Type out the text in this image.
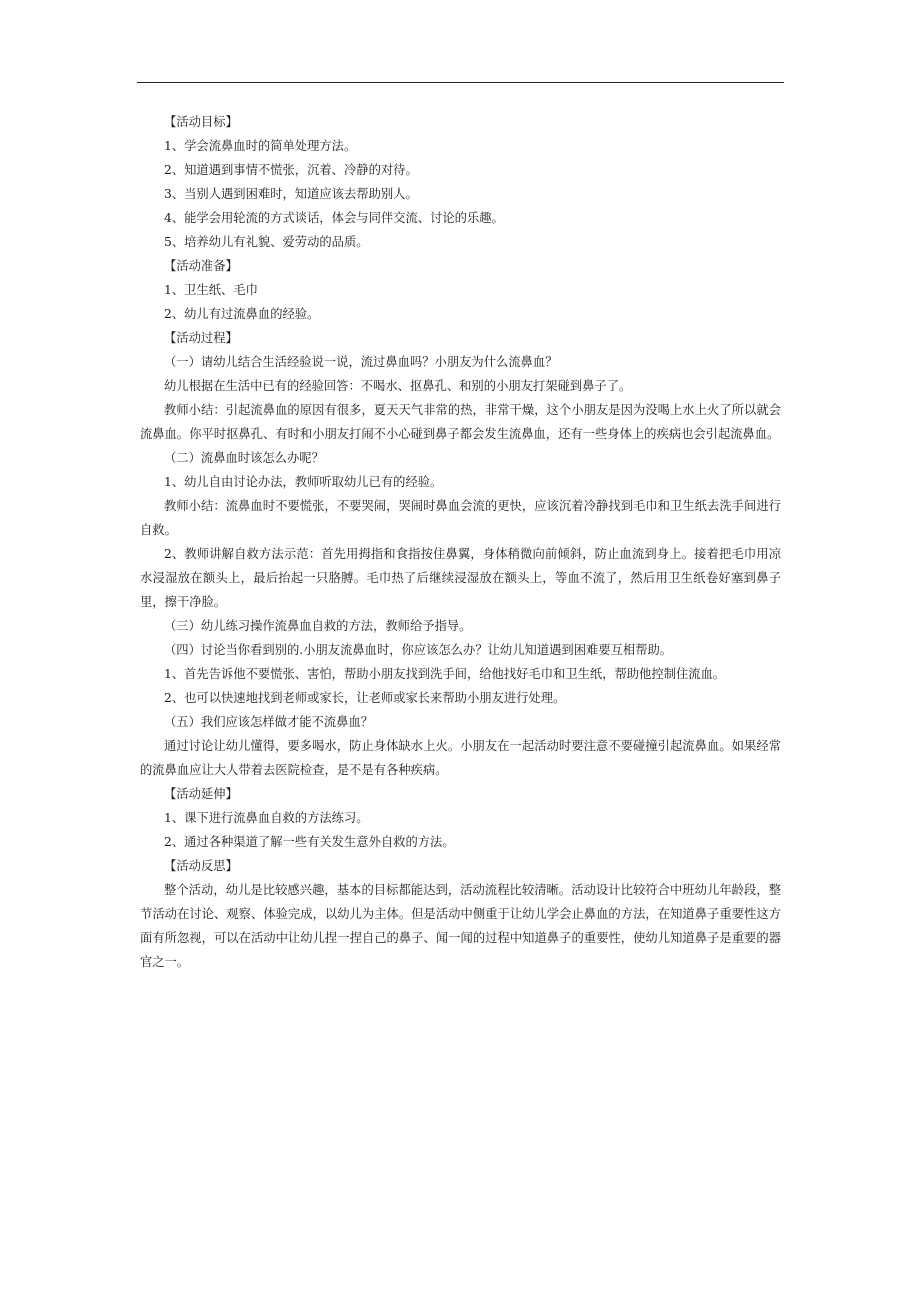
【活动目标】

1、学会流鼻血时的简单处理方法。

2、知道遇到事情不慌张，沉着、冷静的对待。

3、当别人遇到困难时，知道应该去帮助别人。

4、能学会用轮流的方式谈话，体会与同伴交流、讨论的乐趣。

5、培养幼儿有礼貌、爱劳动的品质。

【活动准备】

1、卫生纸、毛巾

2、幼儿有过流鼻血的经验。

【活动过程】

（一）请幼儿结合生活经验说一说，流过鼻血吗？小朋友为什么流鼻血？

幼儿根据在生活中已有的经验回答：不喝水、抠鼻孔、和别的小朋友打架碰到鼻子了。

教师小结：引起流鼻血的原因有很多，夏天天气非常的热，非常干燥，这个小朋友是因为没喝上水上火了所以就会流鼻血。你平时抠鼻孔、有时和小朋友打闹不小心碰到鼻子都会发生流鼻血，还有一些身体上的疾病也会引起流鼻血。

（二）流鼻血时该怎么办呢？

1、幼儿自由讨论办法，教师听取幼儿已有的经验。

教师小结：流鼻血时不要慌张，不要哭闹，哭闹时鼻血会流的更快，应该沉着冷静找到毛巾和卫生纸去洗手间进行自救。

2、教师讲解自救方法示范：首先用拇指和食指按住鼻翼，身体稍微向前倾斜，防止血流到身上。接着把毛巾用凉水浸湿放在额头上，最后抬起一只胳膊。毛巾热了后继续浸湿放在额头上，等血不流了，然后用卫生纸卷好塞到鼻子里，擦干净脸。

（三）幼儿练习操作流鼻血自救的方法，教师给予指导。

（四）讨论当你看到别的.小朋友流鼻血时，你应该怎么办？让幼儿知道遇到困难要互相帮助。

1、首先告诉他不要慌张、害怕，帮助小朋友找到洗手间，给他找好毛巾和卫生纸，帮助他控制住流血。

2、也可以快速地找到老师或家长，让老师或家长来帮助小朋友进行处理。

（五）我们应该怎样做才能不流鼻血？

通过讨论让幼儿懂得，要多喝水，防止身体缺水上火。小朋友在一起活动时要注意不要碰撞引起流鼻血。如果经常的流鼻血应让大人带着去医院检查，是不是有各种疾病。

【活动延伸】

1、课下进行流鼻血自救的方法练习。

2、通过各种渠道了解一些有关发生意外自救的方法。

【活动反思】

整个活动，幼儿是比较感兴趣，基本的目标都能达到，活动流程比较清晰。活动设计比较符合中班幼儿年龄段，整节活动在讨论、观察、体验完成，以幼儿为主体。但是活动中侧重于让幼儿学会止鼻血的方法，在知道鼻子重要性这方面有所忽视，可以在活动中让幼儿捏一捏自己的鼻子、闻一闻的过程中知道鼻子的重要性，使幼儿知道鼻子是重要的器官之一。
